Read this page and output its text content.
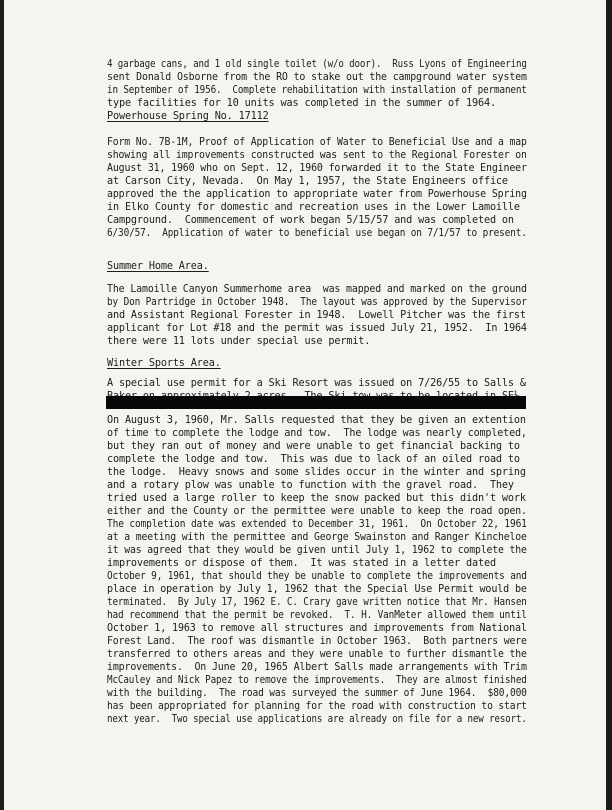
4 garbage cans, and 1 old single toilet (w/o door).  Russ Lyons of Engineering
sent Donald Osborne from the RO to stake out the campground water system
in September of 1956.  Complete rehabilitation with installation of permanent
type facilities for 10 units was completed in the summer of 1964.
Powerhouse Spring No. 17112
Form No. 7B-1M, Proof of Application of Water to Beneficial Use and a map
showing all improvements constructed was sent to the Regional Forester on
August 31, 1960 who on Sept. 12, 1960 forwarded it to the State Engineer
at Carson City, Nevada.  On May 1, 1957, the State Engineers office
approved the the application to appropriate water from Powerhouse Spring
in Elko County for domestic and recreation uses in the Lower Lamoille
Campground.  Commencement of work began 5/15/57 and was completed on
6/30/57.  Application of water to beneficial use began on 7/1/57 to present.
Summer Home Area.
The Lamoille Canyon Summerhome area  was mapped and marked on the ground
by Don Partridge in October 1948.  The layout was approved by the Supervisor
and Assistant Regional Forester in 1948.  Lowell Pitcher was the first
applicant for Lot #18 and the permit was issued July 21, 1952.  In 1964
there were 11 lots under special use permit.
Winter Sports Area.
A special use permit for a Ski Resort was issued on 7/26/55 to Salls &
On August 3, 1960, Mr. Salls requested that they be given an extention
of time to complete the lodge and tow.  The lodge was nearly completed,
but they ran out of money and were unable to get financial backing to
complete the lodge and tow.  This was due to lack of an oiled road to
the lodge.  Heavy snows and some slides occur in the winter and spring
and a rotary plow was unable to function with the gravel road.  They
tried used a large roller to keep the snow packed but this didn't work
either and the County or the permittee were unable to keep the road open.
The completion date was extended to December 31, 1961.  On October 22, 1961
at a meeting with the permittee and George Swainston and Ranger Kincheloe
it was agreed that they would be given until July 1, 1962 to complete the
improvements or dispose of them.  It was stated in a letter dated
October 9, 1961, that should they be unable to complete the improvements and
place in operation by July 1, 1962 that the Special Use Permit would be
terminated.  By July 17, 1962 E. C. Crary gave written notice that Mr. Hansen
had recommend that the permit be revoked.  T. H. VanMeter allowed them until
October 1, 1963 to remove all structures and improvements from National
Forest Land.  The roof was dismantle in October 1963.  Both partners were
transferred to others areas and they were unable to further dismantle the
improvements.  On June 20, 1965 Albert Salls made arrangements with Trim
McCauley and Nick Papez to remove the improvements.  They are almost finished
with the building.  The road was surveyed the summer of June 1964.  $80,000
has been appropriated for planning for the road with construction to start
next year.  Two special use applications are already on file for a new resort.
